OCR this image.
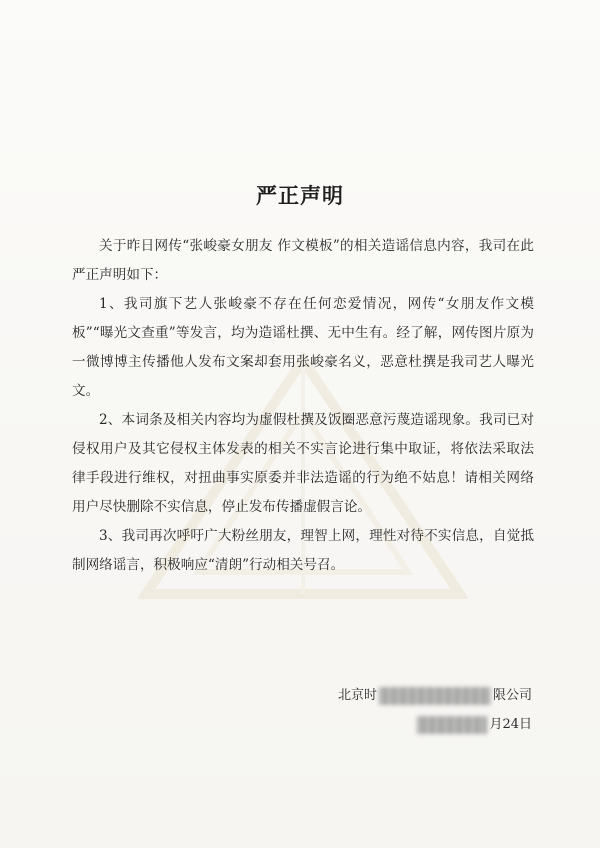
严正声明

关于昨日网传“张峻豪女朋友 作文模板”的相关造谣信息内容，我司在此严正声明如下：

1、我司旗下艺人张峻豪不存在任何恋爱情况，网传“女朋友作文模板”“曝光文查重”等发言，均为造谣杜撰、无中生有。经了解，网传图片原为一微博博主传播他人发布文案却套用张峻豪名义，恶意杜撰是我司艺人曝光文。

2、本词条及相关内容均为虚假杜撰及饭圈恶意污蔑造谣现象。我司已对侵权用户及其它侵权主体发表的相关不实言论进行集中取证，将依法采取法律手段进行维权，对扭曲事实原委并非法造谣的行为绝不姑息！请相关网络用户尽快删除不实信息，停止发布传播虚假言论。

3、我司再次呼吁广大粉丝朋友，理智上网，理性对待不实信息，自觉抵制网络谣言，积极响应“清朗”行动相关号召。

北京时	限公司
月24日
